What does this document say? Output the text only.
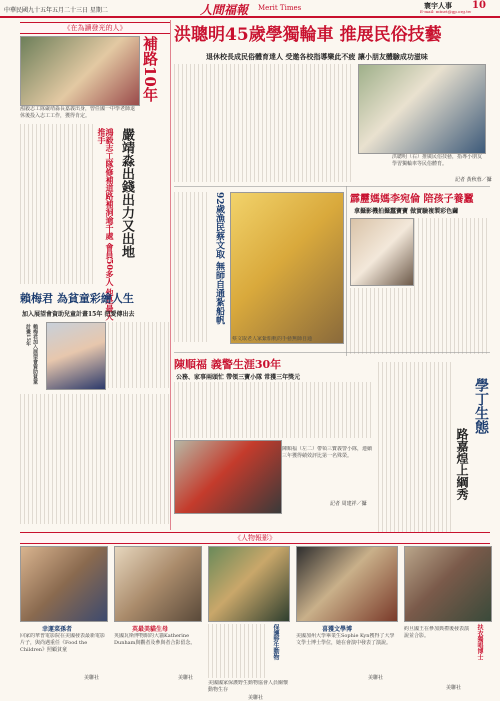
中華民國九十五年五月二十三日 星期二	人間福報 Merit Times	寰宇人事 10
E-mail: mtnet@gp.org.tw
《在為讀發光的人》
鴻毅志工隊嚴靖淼長嘉義出身，曾任國一中學老師退休後投入志工工作，獲得肯定。
補路10年
嚴靖淼出錢出力又出地
鴻毅志工隊修補道路補洞逾千處 會員50多人 他是最大推手
賴梅君 為貧童彩繪人生
加入展望會資助兒童計畫15年 把愛傳出去
賴梅君加入展望會資助貧童計畫15年
洪聰明45歲學獨輪車 推展民俗技藝
退休校長成民俗體育達人 受邀各校指導樂此不疲 讓小朋友體驗成功滋味
洪聰明（右）推廣民俗技藝，指導小朋友學習獨輪車等民俗體育。
記者 黃秋蓉／攝
92歲漁民蔡文取 無師自通紮船帆
蔡文取老人家紮船帆的手藝無師自通
霹靂媽媽李宛倫 陪孩子養蠶
拿攝影機拍攝蠶寶寶 做實驗複製彩色繭
陳順福 義警生涯30年
公務、家事兩頭忙 帶領三寶小隊 常獲三年獎元
陳順福（左二）帶領三寶義警小隊，連續三年獲得績效評比第一名殊榮。
記者 周建祥／攝
學丁生態
路嘉煌上綱秀
《人物報影》
幸運菜孫者
回家的華普電影院在美國發表最新電影片子，與尚遇重任《Food the Children》照顧貧童
美聯社
英最美貓生母
英國瓦斯博物館的大貓Katherine Dunham與觀者及參與者合影留念。
美聯社
保護野生動物
美國國家保護野生動物協會人員關懷動物生存
美聯社
喜獲文學博
美國加州大學畢業生Sophie Kyn獲得了大學文學士博士學位，她在會演中發表了演說。
美聯社
扶衣獨唱博士
約旦國王在參加典禮後發表演說並合影。
美聯社
